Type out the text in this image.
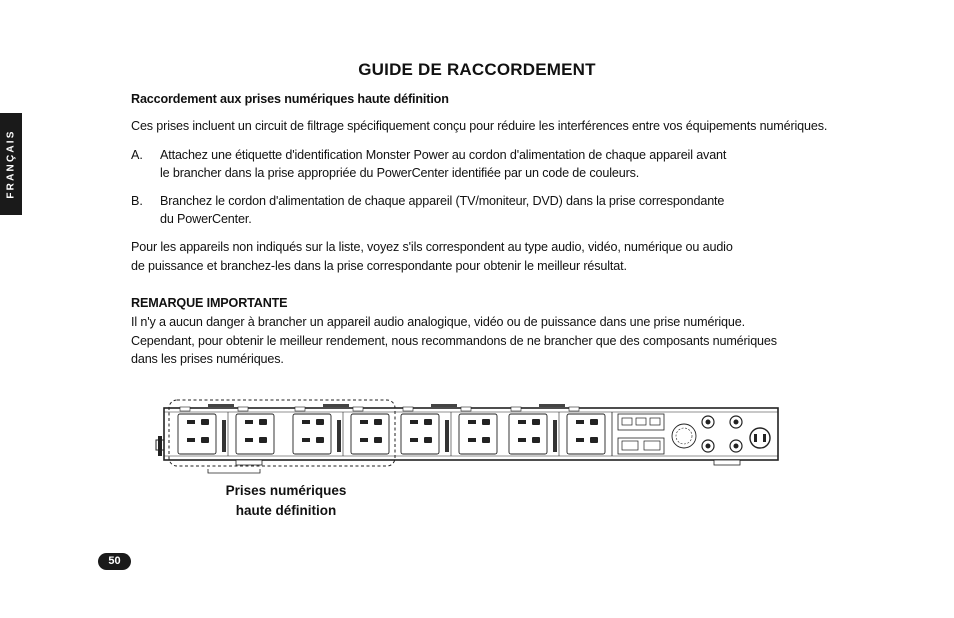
FRANÇAIS
GUIDE DE RACCORDEMENT
Raccordement aux prises numériques haute définition
Ces prises incluent un circuit de filtrage spécifiquement conçu pour réduire les interférences entre vos équipements numériques.
A. Attachez une étiquette d'identification Monster Power au cordon d'alimentation de chaque appareil avant
le brancher dans la prise appropriée du PowerCenter identifiée par un code de couleurs.
B. Branchez le cordon d'alimentation de chaque appareil (TV/moniteur, DVD) dans la prise correspondante
du PowerCenter.
Pour les appareils non indiqués sur la liste, voyez s'ils correspondent au type audio, vidéo, numérique ou audio
de puissance et branchez-les dans la prise correspondante pour obtenir le meilleur résultat.
REMARQUE IMPORTANTE
Il n'y a aucun danger à brancher un appareil audio analogique, vidéo ou de puissance dans une prise numérique.
Cependant, pour obtenir le meilleur rendement, nous recommandons de ne brancher que des composants numériques
dans les prises numériques.
Prises numériques
haute définition
50
